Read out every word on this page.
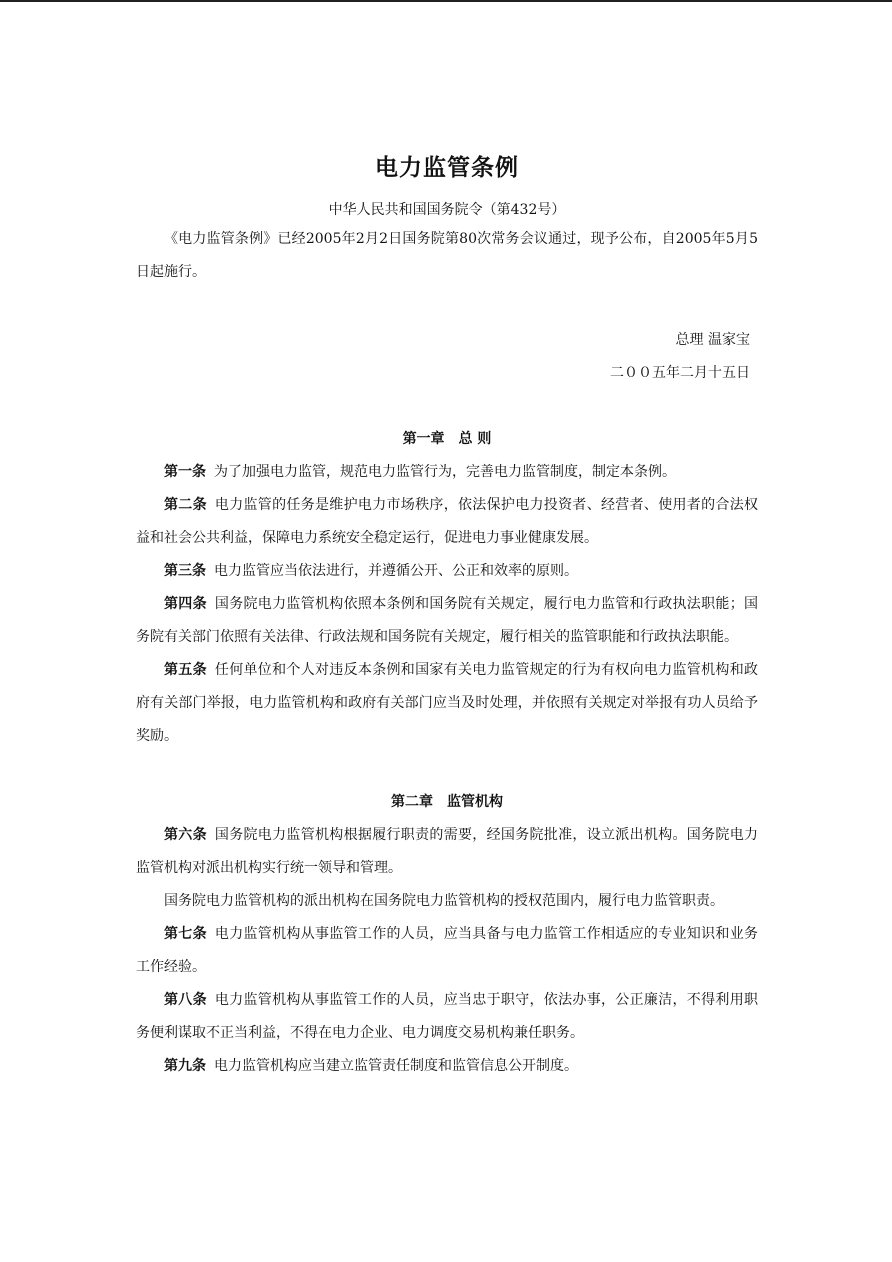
电力监管条例
中华人民共和国国务院令（第432号）

《电力监管条例》已经2005年2月2日国务院第80次常务会议通过，现予公布，自2005年5月5日起施行。

总理 温家宝
二００五年二月十五日
第一章　总 则

第一条 为了加强电力监管，规范电力监管行为，完善电力监管制度，制定本条例。

第二条 电力监管的任务是维护电力市场秩序，依法保护电力投资者、经营者、使用者的合法权益和社会公共利益，保障电力系统安全稳定运行，促进电力事业健康发展。

第三条 电力监管应当依法进行，并遵循公开、公正和效率的原则。

第四条 国务院电力监管机构依照本条例和国务院有关规定，履行电力监管和行政执法职能；国务院有关部门依照有关法律、行政法规和国务院有关规定，履行相关的监管职能和行政执法职能。

第五条 任何单位和个人对违反本条例和国家有关电力监管规定的行为有权向电力监管机构和政府有关部门举报，电力监管机构和政府有关部门应当及时处理，并依照有关规定对举报有功人员给予奖励。

第二章　监管机构

第六条 国务院电力监管机构根据履行职责的需要，经国务院批准，设立派出机构。国务院电力监管机构对派出机构实行统一领导和管理。

国务院电力监管机构的派出机构在国务院电力监管机构的授权范围内，履行电力监管职责。

第七条 电力监管机构从事监管工作的人员，应当具备与电力监管工作相适应的专业知识和业务工作经验。

第八条 电力监管机构从事监管工作的人员，应当忠于职守，依法办事，公正廉洁，不得利用职务便利谋取不正当利益，不得在电力企业、电力调度交易机构兼任职务。

第九条 电力监管机构应当建立监管责任制度和监管信息公开制度。
